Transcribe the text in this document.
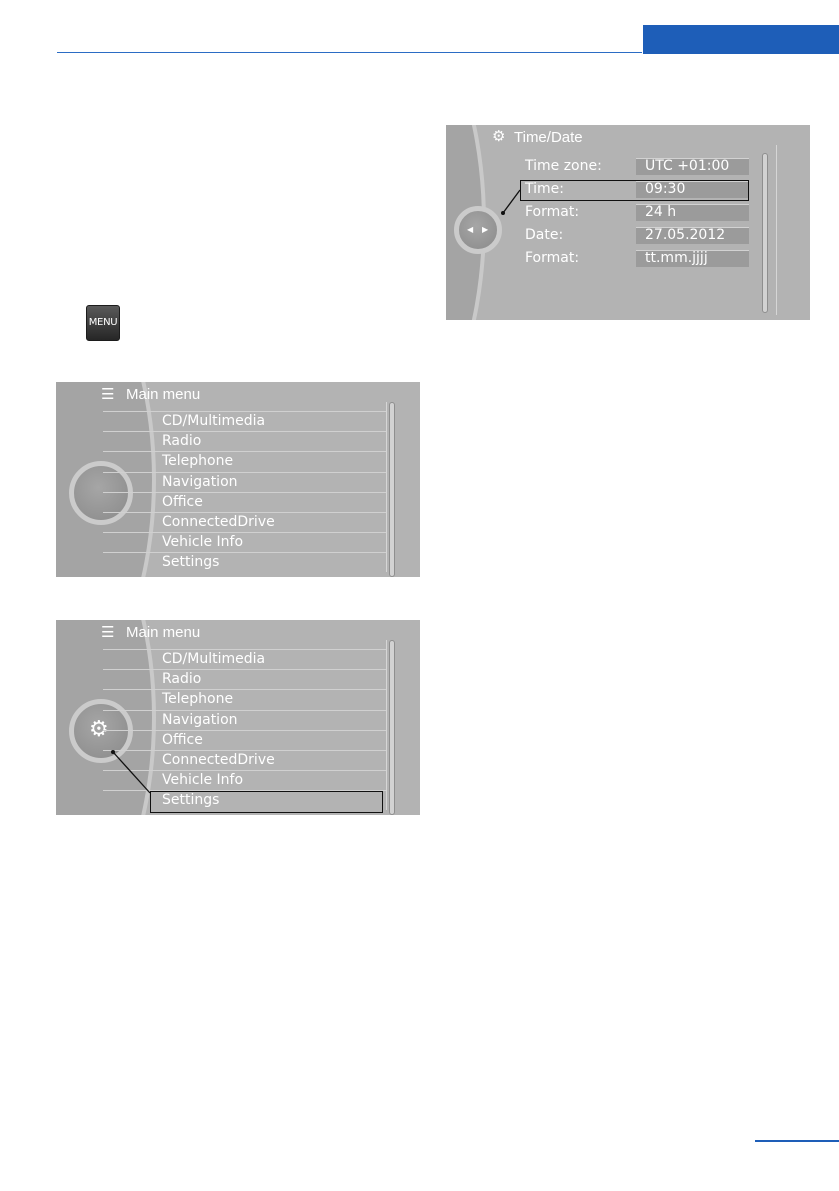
MENU
☰ Main menu
CD/Multimedia
Radio
Telephone
Navigation
Office
ConnectedDrive
Vehicle Info
Settings
☰ Main menu
⚙
CD/Multimedia
Radio
Telephone
Navigation
Office
ConnectedDrive
Vehicle Info
Settings
⚙ Time/Date
◀ ▶
Time zone:	UTC +01:00
Time:	09:30
Format:	24 h
Date:	27.05.2012
Format:	tt.mm.jjjj
